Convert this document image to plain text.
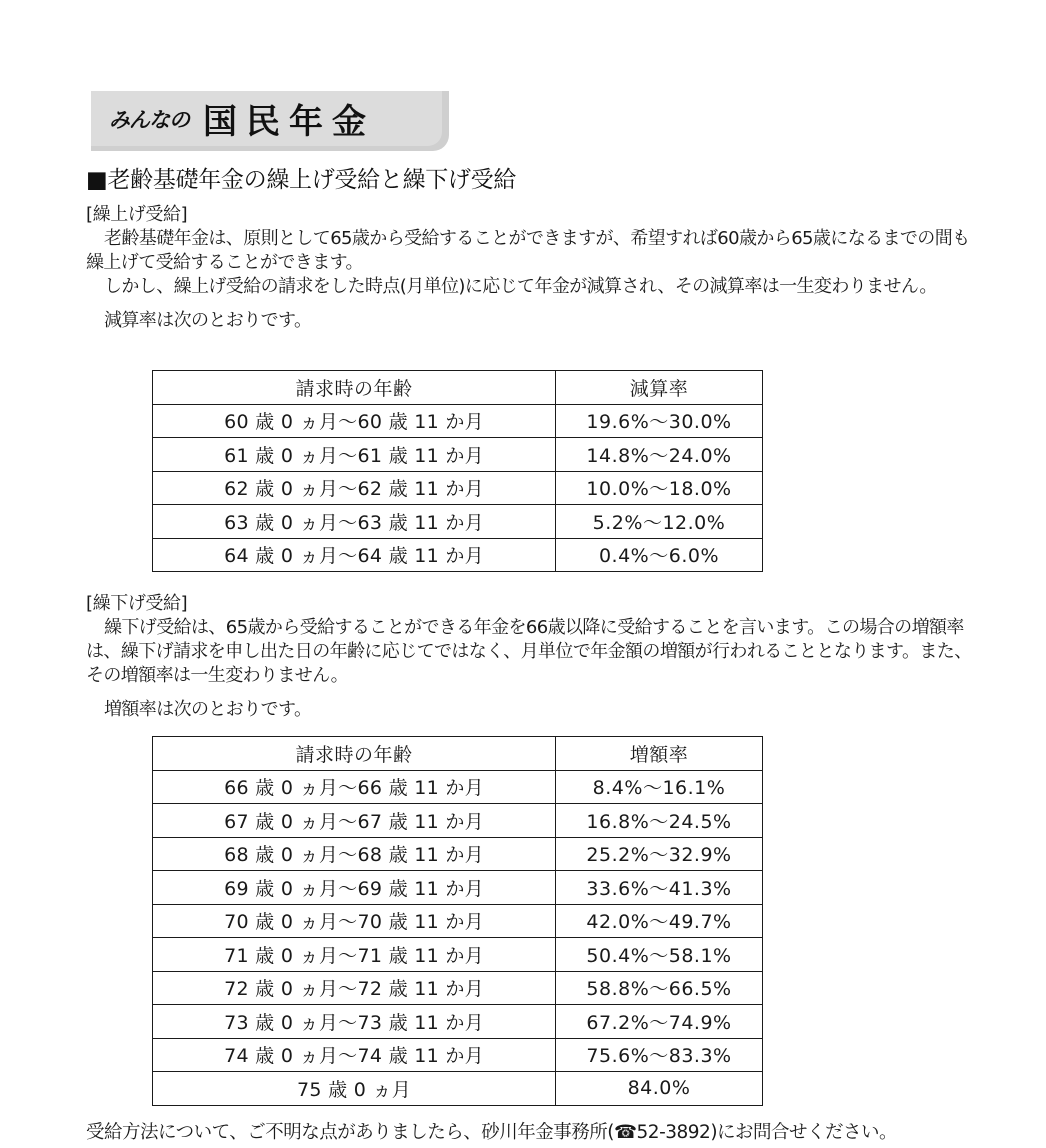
みんなの 国民年金
■老齢基礎年金の繰上げ受給と繰下げ受給

[繰上げ受給]

老齢基礎年金は、原則として65歳から受給することができますが、希望すれば60歳から65歳になるまでの間も繰上げて受給することができます。

しかし、繰上げ受給の請求をした時点(月単位)に応じて年金が減算され、その減算率は一生変わりません。

減算率は次のとおりです。

請求時の年齢	減算率
60 歳 0 ヵ月～60 歳 11 か月	19.6%～30.0%
61 歳 0 ヵ月～61 歳 11 か月	14.8%～24.0%
62 歳 0 ヵ月～62 歳 11 か月	10.0%～18.0%
63 歳 0 ヵ月～63 歳 11 か月	5.2%～12.0%
64 歳 0 ヵ月～64 歳 11 か月	0.4%～6.0%

[繰下げ受給]

繰下げ受給は、65歳から受給することができる年金を66歳以降に受給することを言います。この場合の増額率は、繰下げ請求を申し出た日の年齢に応じてではなく、月単位で年金額の増額が行われることとなります。また、その増額率は一生変わりません。

増額率は次のとおりです。

請求時の年齢	増額率
66 歳 0 ヵ月～66 歳 11 か月	8.4%～16.1%
67 歳 0 ヵ月～67 歳 11 か月	16.8%～24.5%
68 歳 0 ヵ月～68 歳 11 か月	25.2%～32.9%
69 歳 0 ヵ月～69 歳 11 か月	33.6%～41.3%
70 歳 0 ヵ月～70 歳 11 か月	42.0%～49.7%
71 歳 0 ヵ月～71 歳 11 か月	50.4%～58.1%
72 歳 0 ヵ月～72 歳 11 か月	58.8%～66.5%
73 歳 0 ヵ月～73 歳 11 か月	67.2%～74.9%
74 歳 0 ヵ月～74 歳 11 か月	75.6%～83.3%
75 歳 0 ヵ月	84.0%
受給方法について、ご不明な点がありましたら、砂川年金事務所(☎52-3892)にお問合せください。
